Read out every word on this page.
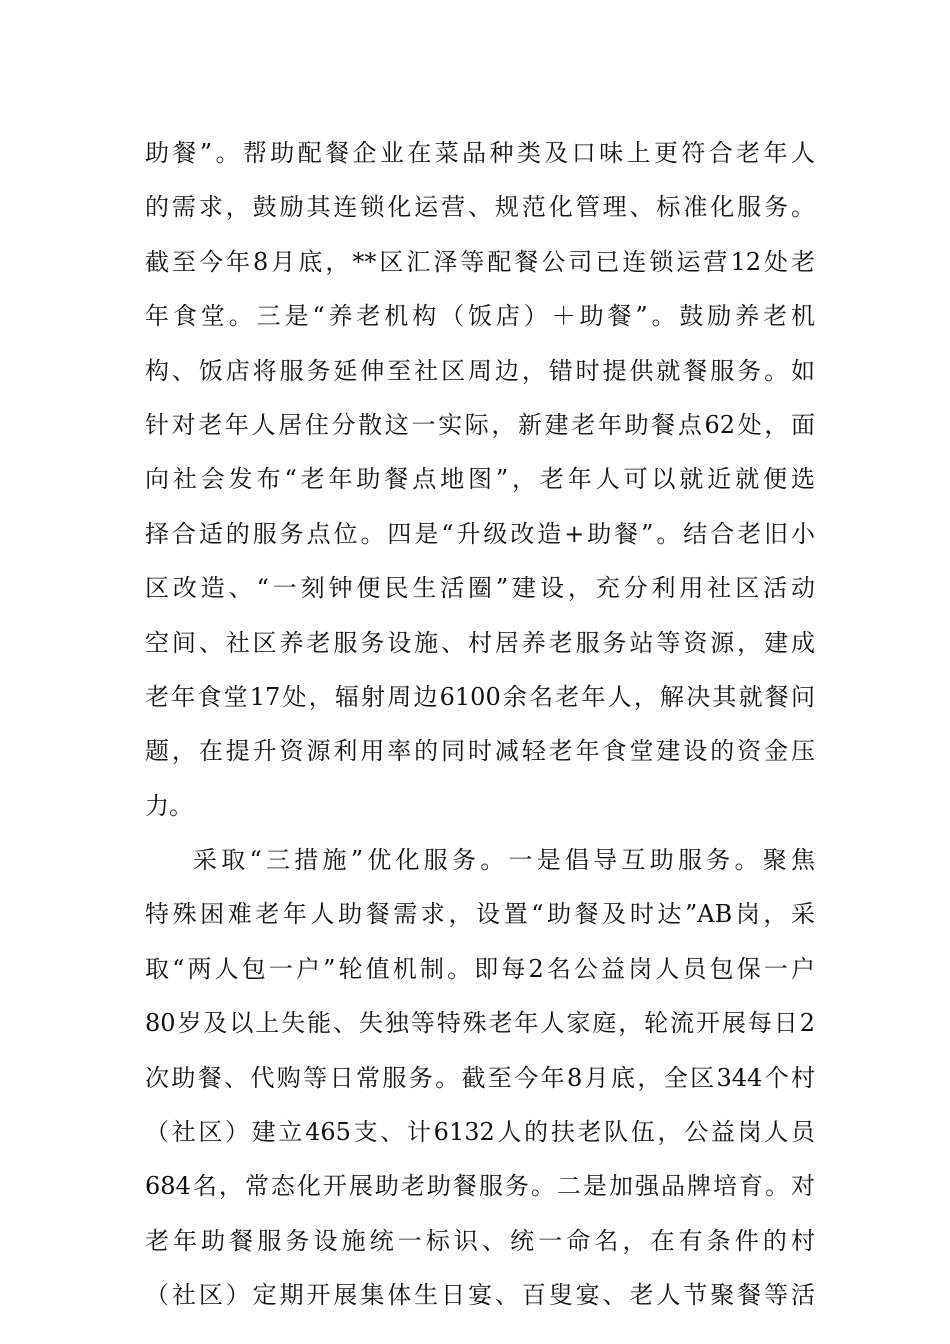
助餐”。帮助配餐企业在菜品种类及口味上更符合老年人
的需求，鼓励其连锁化运营、规范化管理、标准化服务。
截至今年8月底，**区汇泽等配餐公司已连锁运营12处老
年食堂。三是“养老机构（饭店）＋助餐”。鼓励养老机
构、饭店将服务延伸至社区周边，错时提供就餐服务。如
针对老年人居住分散这一实际，新建老年助餐点62处，面
向社会发布“老年助餐点地图”，老年人可以就近就便选
择合适的服务点位。四是“升级改造+助餐”。结合老旧小
区改造、“一刻钟便民生活圈”建设，充分利用社区活动
空间、社区养老服务设施、村居养老服务站等资源，建成
老年食堂17处，辐射周边6100余名老年人，解决其就餐问
题，在提升资源利用率的同时减轻老年食堂建设的资金压
力。
采取“三措施”优化服务。一是倡导互助服务。聚焦
特殊困难老年人助餐需求，设置“助餐及时达”AB岗，采
取“两人包一户”轮值机制。即每2名公益岗人员包保一户
80岁及以上失能、失独等特殊老年人家庭，轮流开展每日2
次助餐、代购等日常服务。截至今年8月底，全区344个村
（社区）建立465支、计6132人的扶老队伍，公益岗人员
684名，常态化开展助老助餐服务。二是加强品牌培育。对
老年助餐服务设施统一标识、统一命名，在有条件的村
（社区）定期开展集体生日宴、百叟宴、老人节聚餐等活
